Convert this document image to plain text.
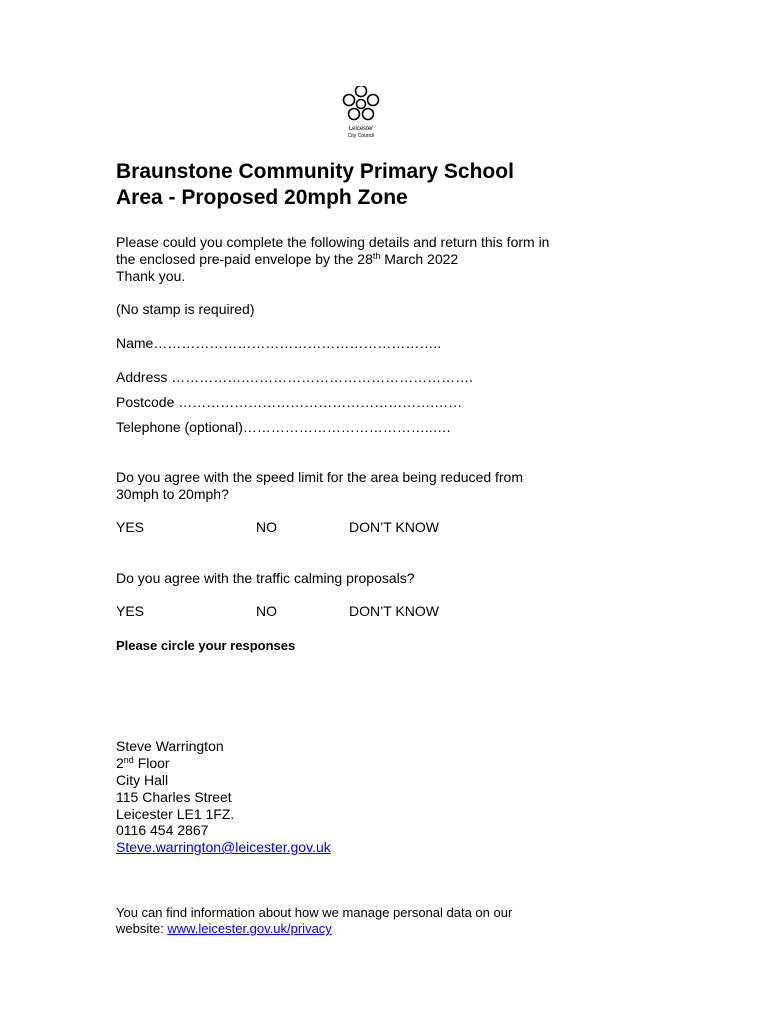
Leicester
City Council
Braunstone Community Primary School
Area - Proposed 20mph Zone
Please could you complete the following details and return this form in
the enclosed pre-paid envelope by the 28th March 2022
Thank you.
(No stamp is required)
Name……………………………………………………..
Address …………….………………………………………….
Postcode ……………………………………………….……
Telephone (optional)…………………………………..….
Do you agree with the speed limit for the area being reduced from
30mph to 20mph?
YES	NO	DON’T KNOW
Do you agree with the traffic calming proposals?
YES	NO	DON’T KNOW
Please circle your responses
Steve Warrington
2nd Floor
City Hall
115 Charles Street
Leicester LE1 1FZ.
0116 454 2867
Steve.warrington@leicester.gov.uk
You can find information about how we manage personal data on our
website: www.leicester.gov.uk/privacy
